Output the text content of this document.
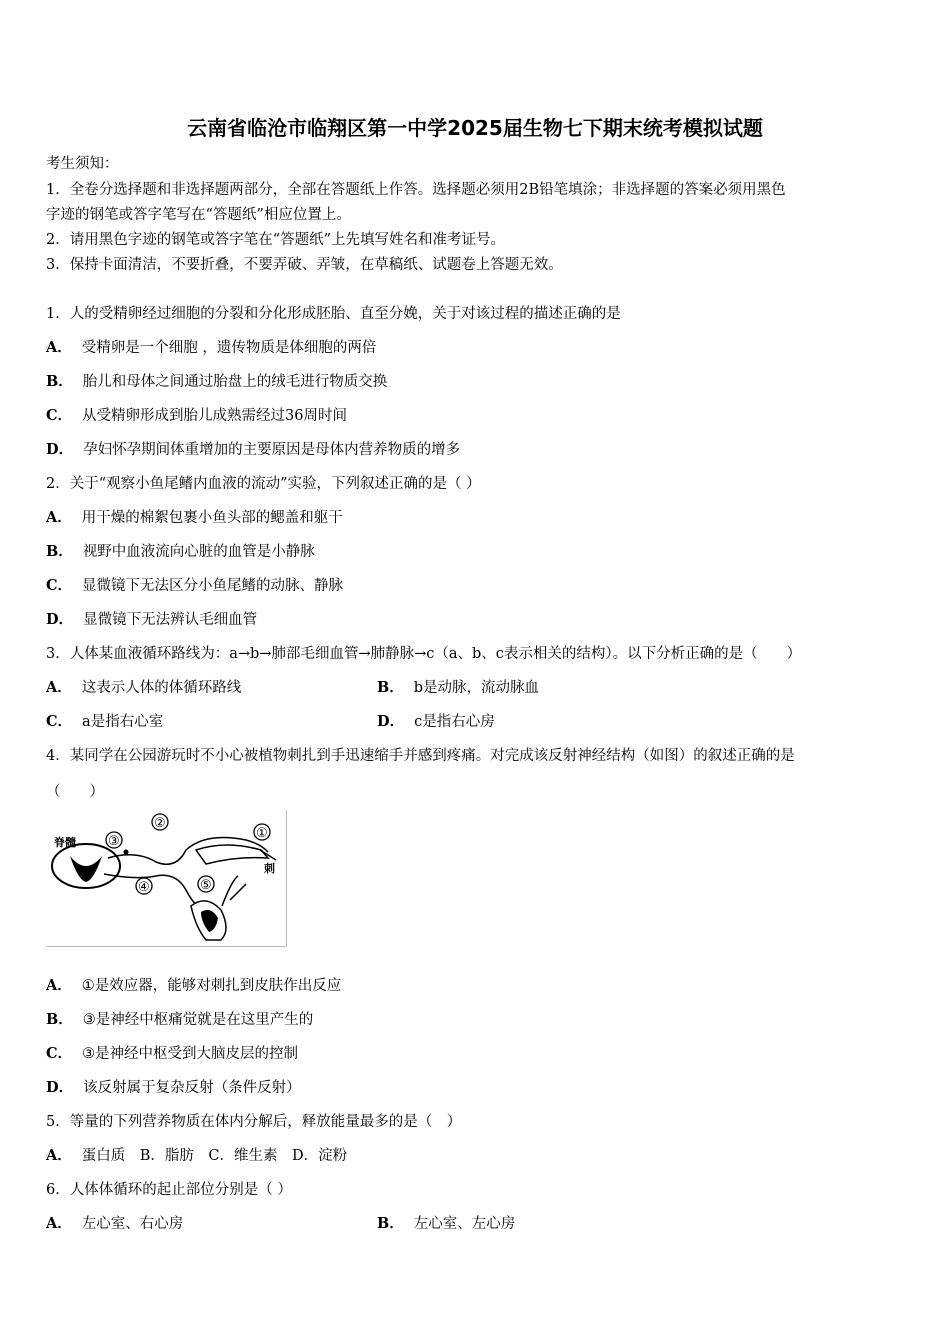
云南省临沧市临翔区第一中学2025届生物七下期末统考模拟试题
考生须知：
1．全卷分选择题和非选择题两部分，全部在答题纸上作答。选择题必须用2B铅笔填涂；非选择题的答案必须用黑色
字迹的钢笔或答字笔写在“答题纸”相应位置上。
2．请用黑色字迹的钢笔或答字笔在“答题纸”上先填写姓名和准考证号。
3．保持卡面清洁，不要折叠，不要弄破、弄皱，在草稿纸、试题卷上答题无效。
1．人的受精卵经过细胞的分裂和分化形成胚胎、直至分娩，关于对该过程的描述正确的是
A． 受精卵是一个细胞 ，遗传物质是体细胞的两倍
B． 胎儿和母体之间通过胎盘上的绒毛进行物质交换
C． 从受精卵形成到胎儿成熟需经过36周时间
D． 孕妇怀孕期间体重增加的主要原因是母体内营养物质的增多
2．关于“观察小鱼尾鳍内血液的流动”实验，下列叙述正确的是（ ）
A． 用干燥的棉絮包裹小鱼头部的鳃盖和躯干
B． 视野中血液流向心脏的血管是小静脉
C． 显微镜下无法区分小鱼尾鳍的动脉、静脉
D． 显微镜下无法辨认毛细血管
3．人体某血液循环路线为：a→b→肺部毛细血管→肺静脉→c（a、b、c表示相关的结构）。以下分析正确的是（　　）
A． 这表示人体的体循环路线	B． b是动脉，流动脉血
C． a是指右心室	D． c是指右心房
4．某同学在公园游玩时不小心被植物刺扎到手迅速缩手并感到疼痛。对完成该反射神经结构（如图）的叙述正确的是
（　　）
脊髓 ③
②
①
刺
④	⑤
A． ①是效应器，能够对刺扎到皮肤作出反应
B． ③是神经中枢痛觉就是在这里产生的
C． ③是神经中枢受到大脑皮层的控制
D． 该反射属于复杂反射（条件反射）
5．等量的下列营养物质在体内分解后，释放能量最多的是（　）
A． 蛋白质　B．脂肪　C．维生素　D．淀粉
6．人体体循环的起止部位分别是（ ）
A． 左心室、右心房	B． 左心室、左心房
